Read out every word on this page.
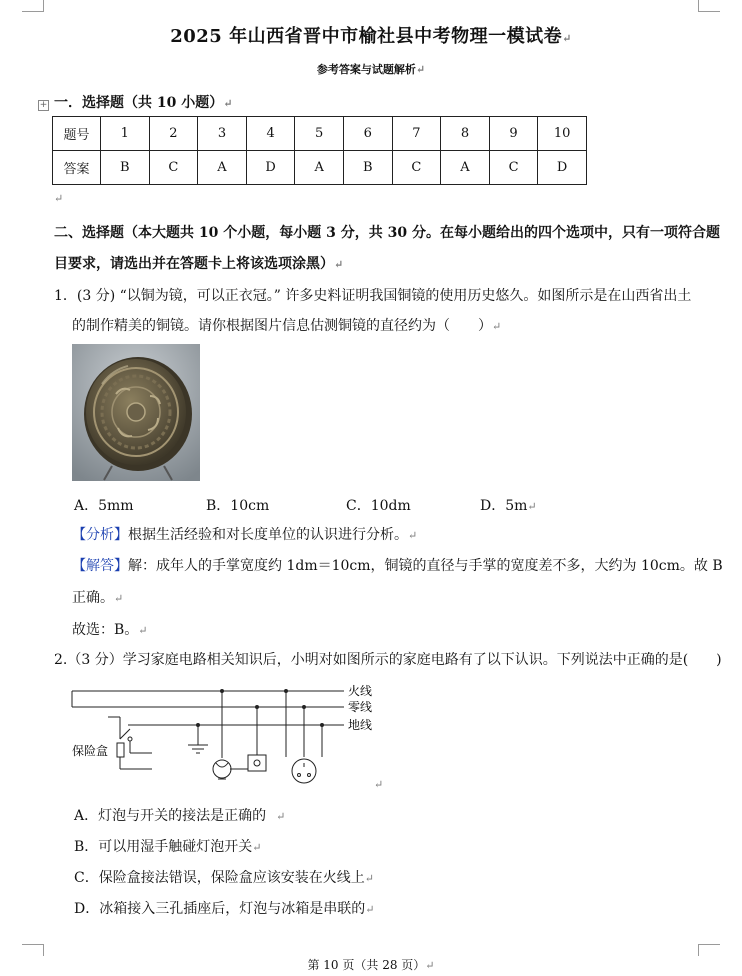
2025 年山西省晋中市榆社县中考物理一模试卷↵
参考答案与试题解析↵
+ 一．选择题（共 10 小题）↵
题号	1	2	3	4	5	6	7	8	9	10
答案	B	C	A	D	A	B	C	A	C	D
↵
二、选择题（本大题共 10 个小题，每小题 3 分，共 30 分。在每小题给出的四个选项中，只有一项符合题
目要求，请选出并在答题卡上将该选项涂黑）↵
1．(3 分) “以铜为镜，可以正衣冠。” 许多史料证明我国铜镜的使用历史悠久。如图所示是在山西省出土
的制作精美的铜镜。请你根据图片信息估测铜镜的直径约为（　　）↵
A．5mm	B．10cm	C．10dm	D．5m↵
【分析】根据生活经验和对长度单位的认识进行分析。↵
【解答】解：成年人的手掌宽度约 1dm＝10cm，铜镜的直径与手掌的宽度差不多，大约为 10cm。故 B
正确。↵
故选：B。↵
2.（3 分）学习家庭电路相关知识后，小明对如图所示的家庭电路有了以下认识。下列说法中正确的是(　　)
火线
零线
地线
保险盒
↵
A．灯泡与开关的接法是正确的 ↵
B．可以用湿手触碰灯泡开关↵
C．保险盒接法错误，保险盒应该安装在火线上↵
D．冰箱接入三孔插座后，灯泡与冰箱是串联的↵
第 10 页（共 28 页）↵
